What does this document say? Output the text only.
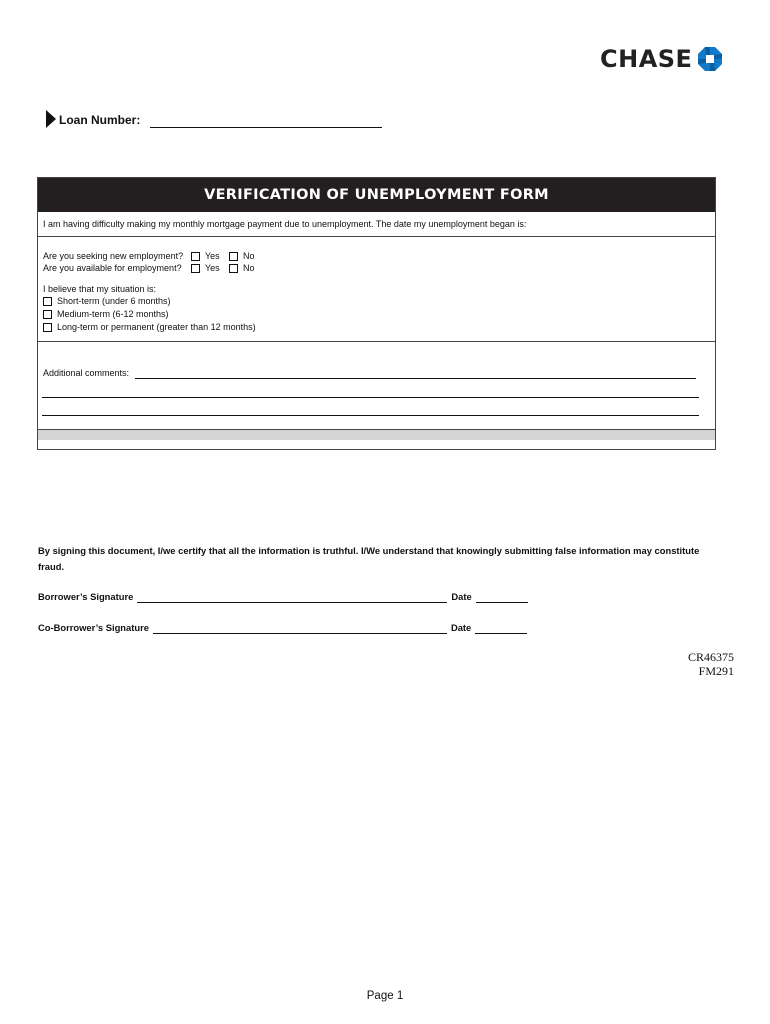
CHASE
Loan Number:
VERIFICATION OF UNEMPLOYMENT FORM
I am having difficulty making my monthly mortgage payment due to unemployment. The date my unemployment began is:
Are you seeking new employment? Yes	No
Are you available for employment?	Yes	No
I believe that my situation is:
Short-term (under 6 months)
Medium-term (6-12 months)
Long-term or permanent (greater than 12 months)
Additional comments:
By signing this document, I/we certify that all the information is truthful. I/We understand that knowingly submitting false information may constitute fraud.
Borrower’s Signature	Date
Co-Borrower’s Signature	Date
CR46375
FM291
Page 1
